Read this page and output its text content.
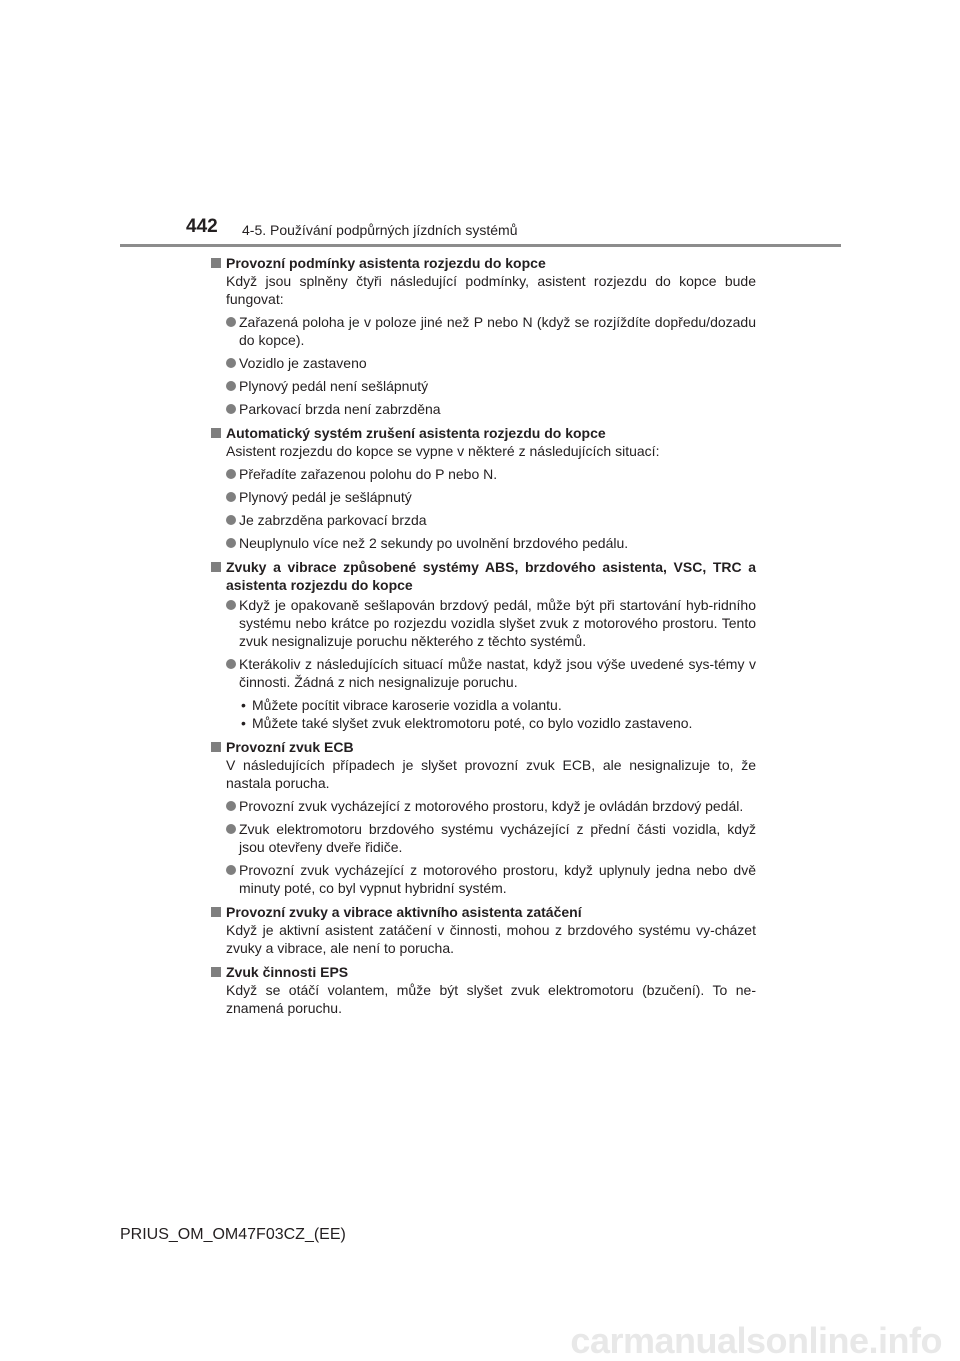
442 4-5. Používání podpůrných jízdních systémů
Provozní podmínky asistenta rozjezdu do kopce
Když jsou splněny čtyři následující podmínky, asistent rozjezdu do kopce bude fungovat:
Zařazená poloha je v poloze jiné než P nebo N (když se rozjíždíte dopředu/dozadu do kopce).
Vozidlo je zastaveno
Plynový pedál není sešlápnutý
Parkovací brzda není zabrzděna
Automatický systém zrušení asistenta rozjezdu do kopce
Asistent rozjezdu do kopce se vypne v některé z následujících situací:
Přeřadíte zařazenou polohu do P nebo N.
Plynový pedál je sešlápnutý
Je zabrzděna parkovací brzda
Neuplynulo více než 2 sekundy po uvolnění brzdového pedálu.
Zvuky a vibrace způsobené systémy ABS, brzdového asistenta, VSC, TRC a asistenta rozjezdu do kopce
Když je opakovaně sešlapován brzdový pedál, může být při startování hyb-ridního systému nebo krátce po rozjezdu vozidla slyšet zvuk z motorového prostoru. Tento zvuk nesignalizuje poruchu některého z těchto systémů.
Kterákoliv z následujících situací může nastat, když jsou výše uvedené sys-témy v činnosti. Žádná z nich nesignalizuje poruchu.
• Můžete pocítit vibrace karoserie vozidla a volantu.
• Můžete také slyšet zvuk elektromotoru poté, co bylo vozidlo zastaveno.
Provozní zvuk ECB
V následujících případech je slyšet provozní zvuk ECB, ale nesignalizuje to, že nastala porucha.
Provozní zvuk vycházející z motorového prostoru, když je ovládán brzdový pedál.
Zvuk elektromotoru brzdového systému vycházející z přední části vozidla, když jsou otevřeny dveře řidiče.
Provozní zvuk vycházející z motorového prostoru, když uplynuly jedna nebo dvě minuty poté, co byl vypnut hybridní systém.
Provozní zvuky a vibrace aktivního asistenta zatáčení
Když je aktivní asistent zatáčení v činnosti, mohou z brzdového systému vy-cházet zvuky a vibrace, ale není to porucha.
Zvuk činnosti EPS
Když se otáčí volantem, může být slyšet zvuk elektromotoru (bzučení). To ne-znamená poruchu.
PRIUS_OM_OM47F03CZ_(EE)
carmanualsonline.info
